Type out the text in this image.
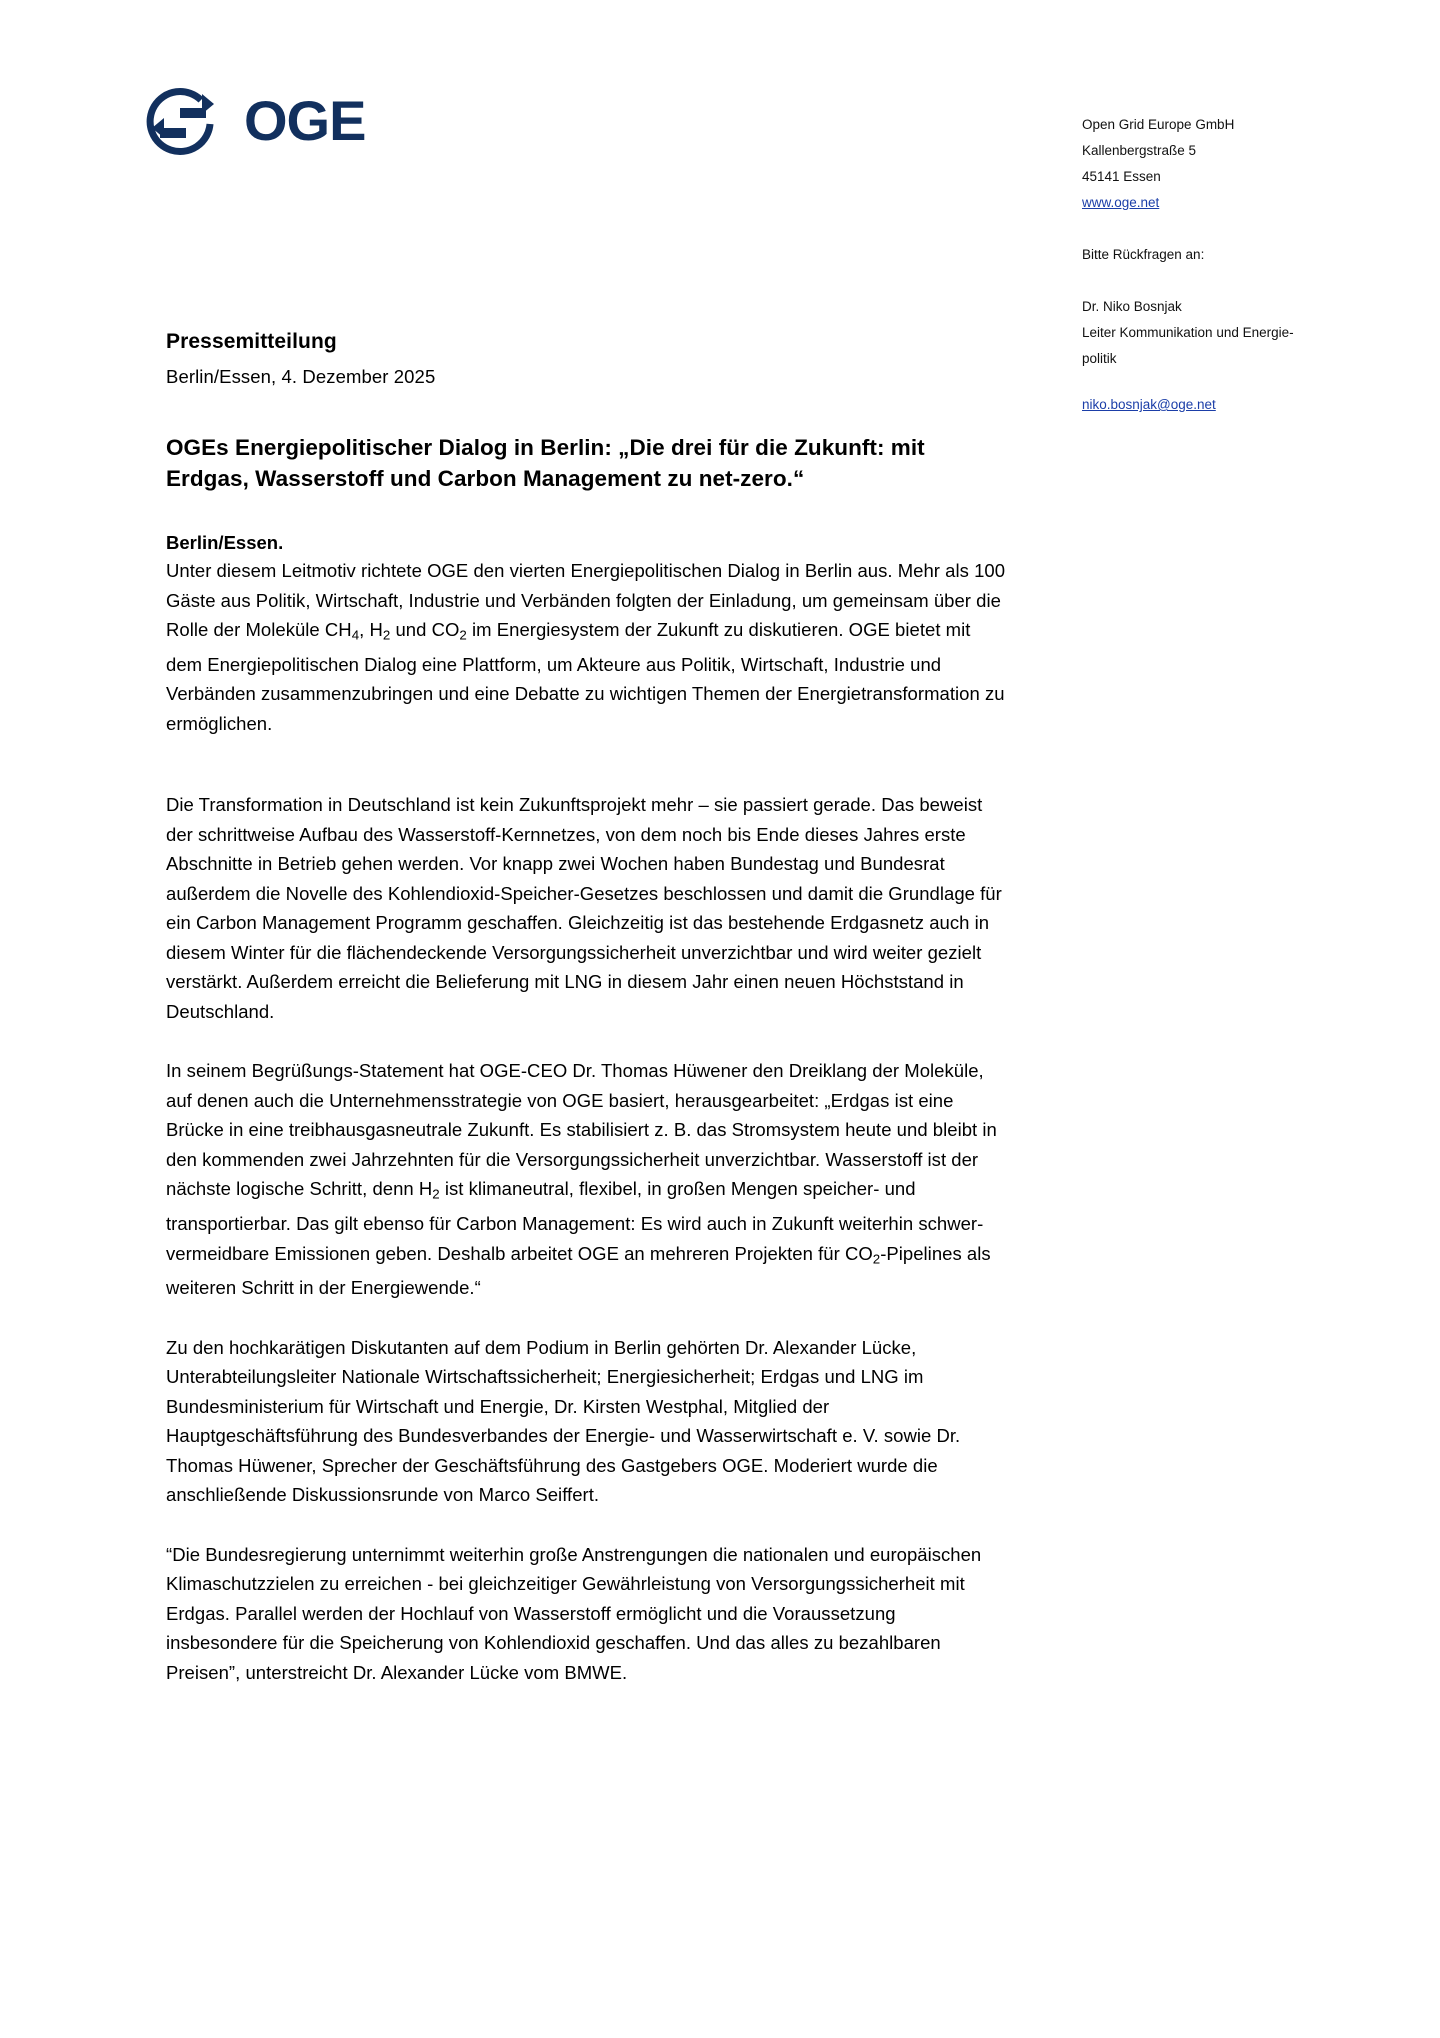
OGE	Open Grid Europe GmbH
Kallenbergstraße 5
45141 Essen
www.oge.net
Bitte Rückfragen an:
Dr. Niko Bosnjak
Leiter Kommunikation und Energie-
politik
niko.bosnjak@oge.net
Pressemitteilung
Berlin/Essen, 4. Dezember 2025
OGEs Energiepolitischer Dialog in Berlin: „Die drei für die Zukunft: mit Erdgas, Wasserstoff und Carbon Management zu net-zero.“
Berlin/Essen.

Unter diesem Leitmotiv richtete OGE den vierten Energiepolitischen Dialog in Berlin aus. Mehr als 100 Gäste aus Politik, Wirtschaft, Industrie und Verbänden folgten der Einladung, um gemeinsam über die Rolle der Moleküle $CH_4$, $H_2$ und $CO_2$ im Energiesystem der Zukunft zu diskutieren. OGE bietet mit dem Energiepolitischen Dialog eine Plattform, um Akteure aus Politik, Wirtschaft, Industrie und Verbänden zusammenzubringen und eine Debatte zu wichtigen Themen der Energietransformation zu ermöglichen.

Die Transformation in Deutschland ist kein Zukunftsprojekt mehr – sie passiert gerade. Das beweist der schrittweise Aufbau des Wasserstoff-Kernnetzes, von dem noch bis Ende dieses Jahres erste Abschnitte in Betrieb gehen werden. Vor knapp zwei Wochen haben Bundestag und Bundesrat außerdem die Novelle des Kohlendioxid-Speicher-Gesetzes beschlossen und damit die Grundlage für ein Carbon Management Programm geschaffen. Gleichzeitig ist das bestehende Erdgasnetz auch in diesem Winter für die flächendeckende Versorgungssicherheit unverzichtbar und wird weiter gezielt verstärkt. Außerdem erreicht die Belieferung mit LNG in diesem Jahr einen neuen Höchststand in Deutschland.

In seinem Begrüßungs-Statement hat OGE-CEO Dr. Thomas Hüwener den Dreiklang der Moleküle, auf denen auch die Unternehmensstrategie von OGE basiert, herausgearbeitet: „Erdgas ist eine Brücke in eine treibhausgasneutrale Zukunft. Es stabilisiert z. B. das Stromsystem heute und bleibt in den kommenden zwei Jahrzehnten für die Versorgungssicherheit unverzichtbar. Wasserstoff ist der nächste logische Schritt, denn $H_2$ ist klimaneutral, flexibel, in großen Mengen speicher- und transportierbar. Das gilt ebenso für Carbon Management: Es wird auch in Zukunft weiterhin schwer-vermeidbare Emissionen geben. Deshalb arbeitet OGE an mehreren Projekten für $CO_2$-Pipelines als weiteren Schritt in der Energiewende.“

Zu den hochkarätigen Diskutanten auf dem Podium in Berlin gehörten Dr. Alexander Lücke, Unterabteilungsleiter Nationale Wirtschaftssicherheit; Energiesicherheit; Erdgas und LNG im Bundesministerium für Wirtschaft und Energie, Dr. Kirsten Westphal, Mitglied der Hauptgeschäftsführung des Bundesverbandes der Energie- und Wasserwirtschaft e. V. sowie Dr. Thomas Hüwener, Sprecher der Geschäftsführung des Gastgebers OGE. Moderiert wurde die anschließende Diskussionsrunde von Marco Seiffert.

“Die Bundesregierung unternimmt weiterhin große Anstrengungen die nationalen und europäischen Klimaschutzzielen zu erreichen - bei gleichzeitiger Gewährleistung von Versorgungssicherheit mit Erdgas. Parallel werden der Hochlauf von Wasserstoff ermöglicht und die Voraussetzung insbesondere für die Speicherung von Kohlendioxid geschaffen. Und das alles zu bezahlbaren Preisen”, unterstreicht Dr. Alexander Lücke vom BMWE.
